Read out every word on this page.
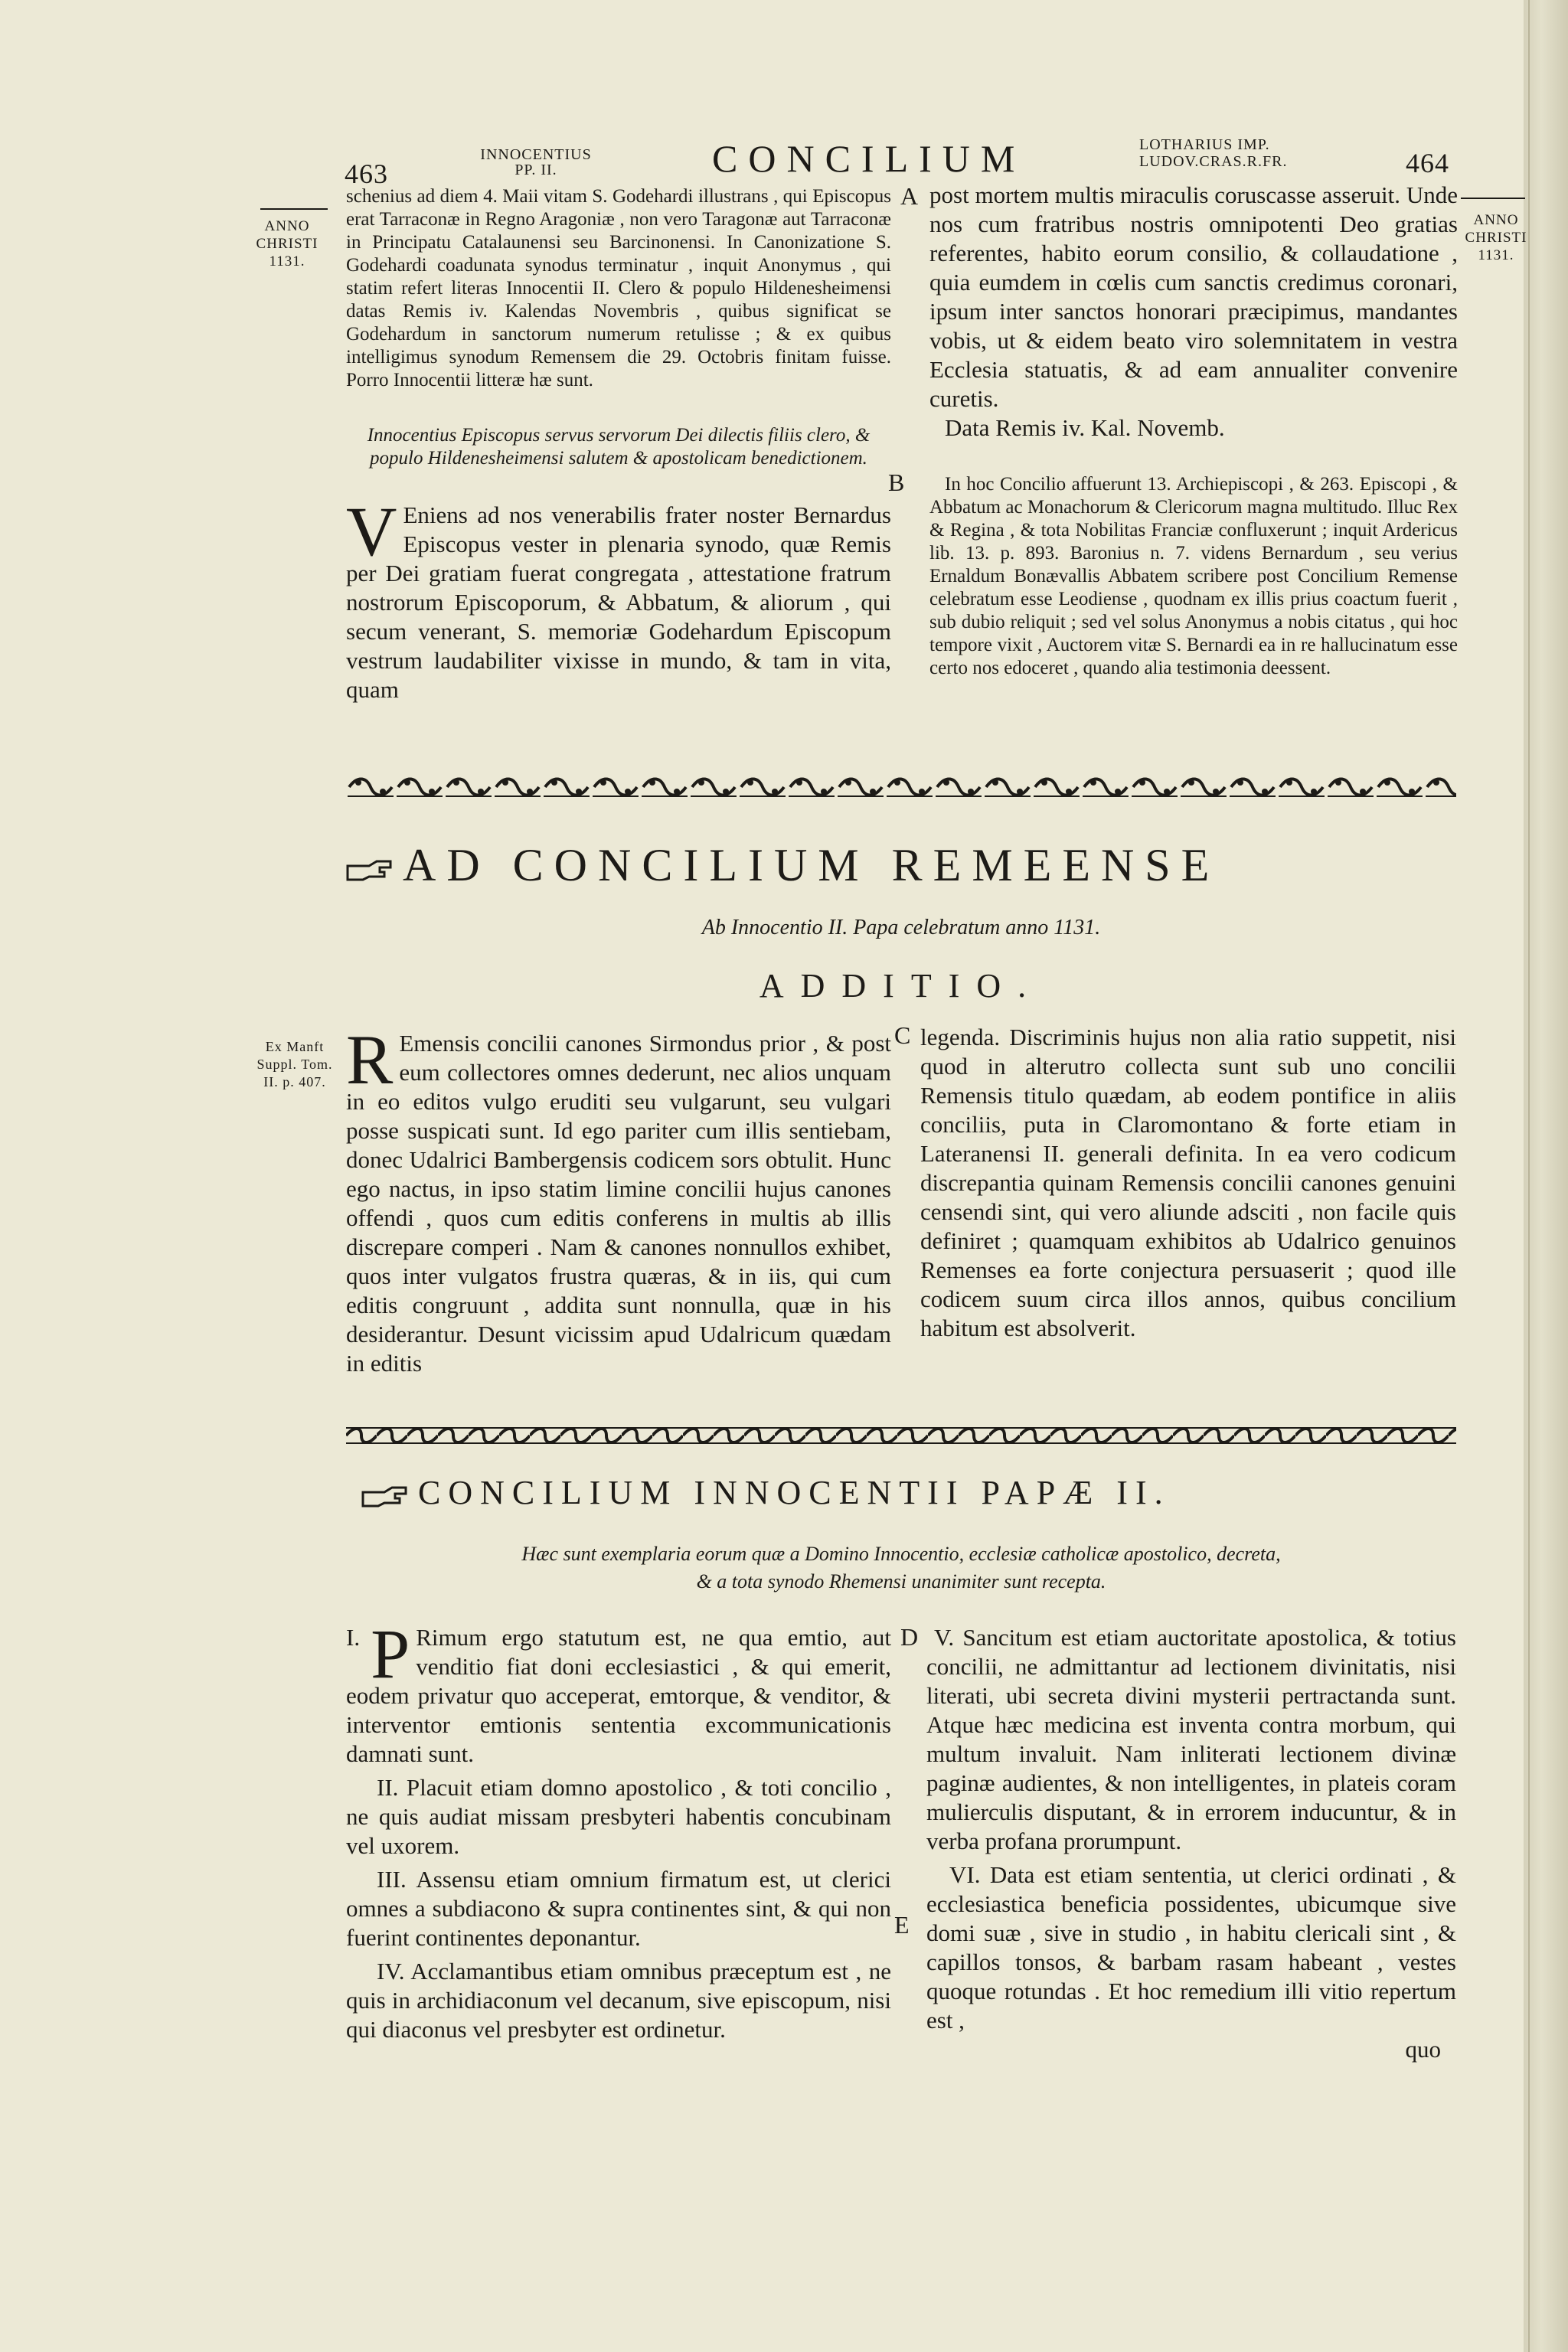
463
INNOCENTIUS
PP. II.	CONCILIUM	LOTHARIUS IMP.
LUDOV.CRAS.R.FR.	464
ANNO
CHRISTI
1131.
ANNO
CHRISTI
1131.
Ex Manft
Suppl. Tom.
II. p. 407.
A
B
C
D
E

schenius ad diem 4. Maii vitam S. Godehardi illustrans , qui Episcopus erat Tarraconæ in Regno Aragoniæ , non vero Taragonæ aut Tarraconæ in Principatu Catalaunensi seu Barcinonensi. In Canonizatione S. Godehardi coadunata synodus terminatur , inquit Anonymus , qui statim refert literas Innocentii II. Clero & populo Hildenesheimensi datas Remis iv. Kalendas Novembris , quibus significat se Godehardum in sanctorum numerum retulisse ; & ex quibus intelligimus synodum Remensem die 29. Octobris finitam fuisse. Porro Innocentii litteræ hæ sunt.

Innocentius Episcopus servus servorum Dei dilectis filiis clero, & populo Hildenesheimensi salutem & apostolicam benedictionem.

V Eniens ad nos venerabilis frater noster Bernardus Episcopus vester in plenaria synodo, quæ Remis per Dei gratiam fuerat congregata , attestatione fratrum nostrorum Episcoporum, & Abbatum, & aliorum , qui secum venerant, S. memoriæ Godehardum Episcopum vestrum laudabiliter vixisse in mundo, & tam in vita, quam

post mortem multis miraculis coruscasse asseruit. Unde nos cum fratribus nostris omnipotenti Deo gratias referentes, habito eorum consilio, & collaudatione , quia eumdem in cœlis cum sanctis credimus coronari, ipsum inter sanctos honorari præcipimus, mandantes vobis, ut & eidem beato viro solemnitatem in vestra Ecclesia statuatis, & ad eam annualiter convenire curetis.

Data Remis iv. Kal. Novemb.

In hoc Concilio affuerunt 13. Archiepiscopi , & 263. Episcopi , & Abbatum ac Monachorum & Clericorum magna multitudo. Illuc Rex & Regina , & tota Nobilitas Franciæ confluxerunt ; inquit Ardericus lib. 13. p. 893. Baronius n. 7. videns Bernardum , seu verius Ernaldum Bonævallis Abbatem scribere post Concilium Remense celebratum esse Leodiense , quodnam ex illis prius coactum fuerit , sub dubio reliquit ; sed vel solus Anonymus a nobis citatus , qui hoc tempore vixit , Auctorem vitæ S. Bernardi ea in re hallucinatum esse certo nos edoceret , quando alia testimonia deessent.

AD CONCILIUM REMEENSE
Ab Innocentio II. Papa celebratum anno 1131.
ADDITIO.
R Emensis concilii canones Sirmondus prior , & post eum collectores omnes dederunt, nec alios unquam in eo editos vulgo eruditi seu vulgarunt, seu vulgari posse suspicati sunt. Id ego pariter cum illis sentiebam, donec Udalrici Bambergensis codicem sors obtulit. Hunc ego nactus, in ipso statim limine concilii hujus canones offendi , quos cum editis conferens in multis ab illis discrepare comperi . Nam & canones nonnullos exhibet, quos inter vulgatos frustra quæras, & in iis, qui cum editis congruunt , addita sunt nonnulla, quæ in his desiderantur. Desunt vicissim apud Udalricum quædam in editis

legenda. Discriminis hujus non alia ratio suppetit, nisi quod in alterutro collecta sunt sub uno concilii Remensis titulo quædam, ab eodem pontifice in aliis conciliis, puta in Claromontano & forte etiam in Lateranensi II. generali definita. In ea vero codicum discrepantia quinam Remensis concilii canones genuini censendi sint, qui vero aliunde adsciti , non facile quis definiret ; quamquam exhibitos ab Udalrico genuinos Remenses ea forte conjectura persuaserit ; quod ille codicem suum circa illos annos, quibus concilium habitum est absolverit.

CONCILIUM INNOCENTII PAPÆ II.
Hæc sunt exemplaria eorum quæ a Domino Innocentio, ecclesiæ catholicæ apostolico, decreta,
& a tota synodo Rhemensi unanimiter sunt recepta.
I. P Rimum ergo statutum est, ne qua emtio, aut venditio fiat doni ecclesiastici , & qui emerit, eodem privatur quo acceperat, emtorque, & venditor, & interventor emtionis sententia excommunicationis damnati sunt.

II. Placuit etiam domno apostolico , & toti concilio , ne quis audiat missam presbyteri habentis concubinam vel uxorem.

III. Assensu etiam omnium firmatum est, ut clerici omnes a subdiacono & supra continentes sint, & qui non fuerint continentes deponantur.

IV. Acclamantibus etiam omnibus præceptum est , ne quis in archidiaconum vel decanum, sive episcopum, nisi qui diaconus vel presbyter est ordinetur.

V. Sancitum est etiam auctoritate apostolica, & totius concilii, ne admittantur ad lectionem divinitatis, nisi literati, ubi secreta divini mysterii pertractanda sunt. Atque hæc medicina est inventa contra morbum, qui multum invaluit. Nam inliterati lectionem divinæ paginæ audientes, & non intelligentes, in plateis coram mulierculis disputant, & in errorem inducuntur, & in verba profana prorumpunt.

VI. Data est etiam sententia, ut clerici ordinati , & ecclesiastica beneficia possidentes, ubicumque sive domi suæ , sive in studio , in habitu clericali sint , & capillos tonsos, & barbam rasam habeant , vestes quoque rotundas . Et hoc remedium illi vitio repertum est ,

quo
